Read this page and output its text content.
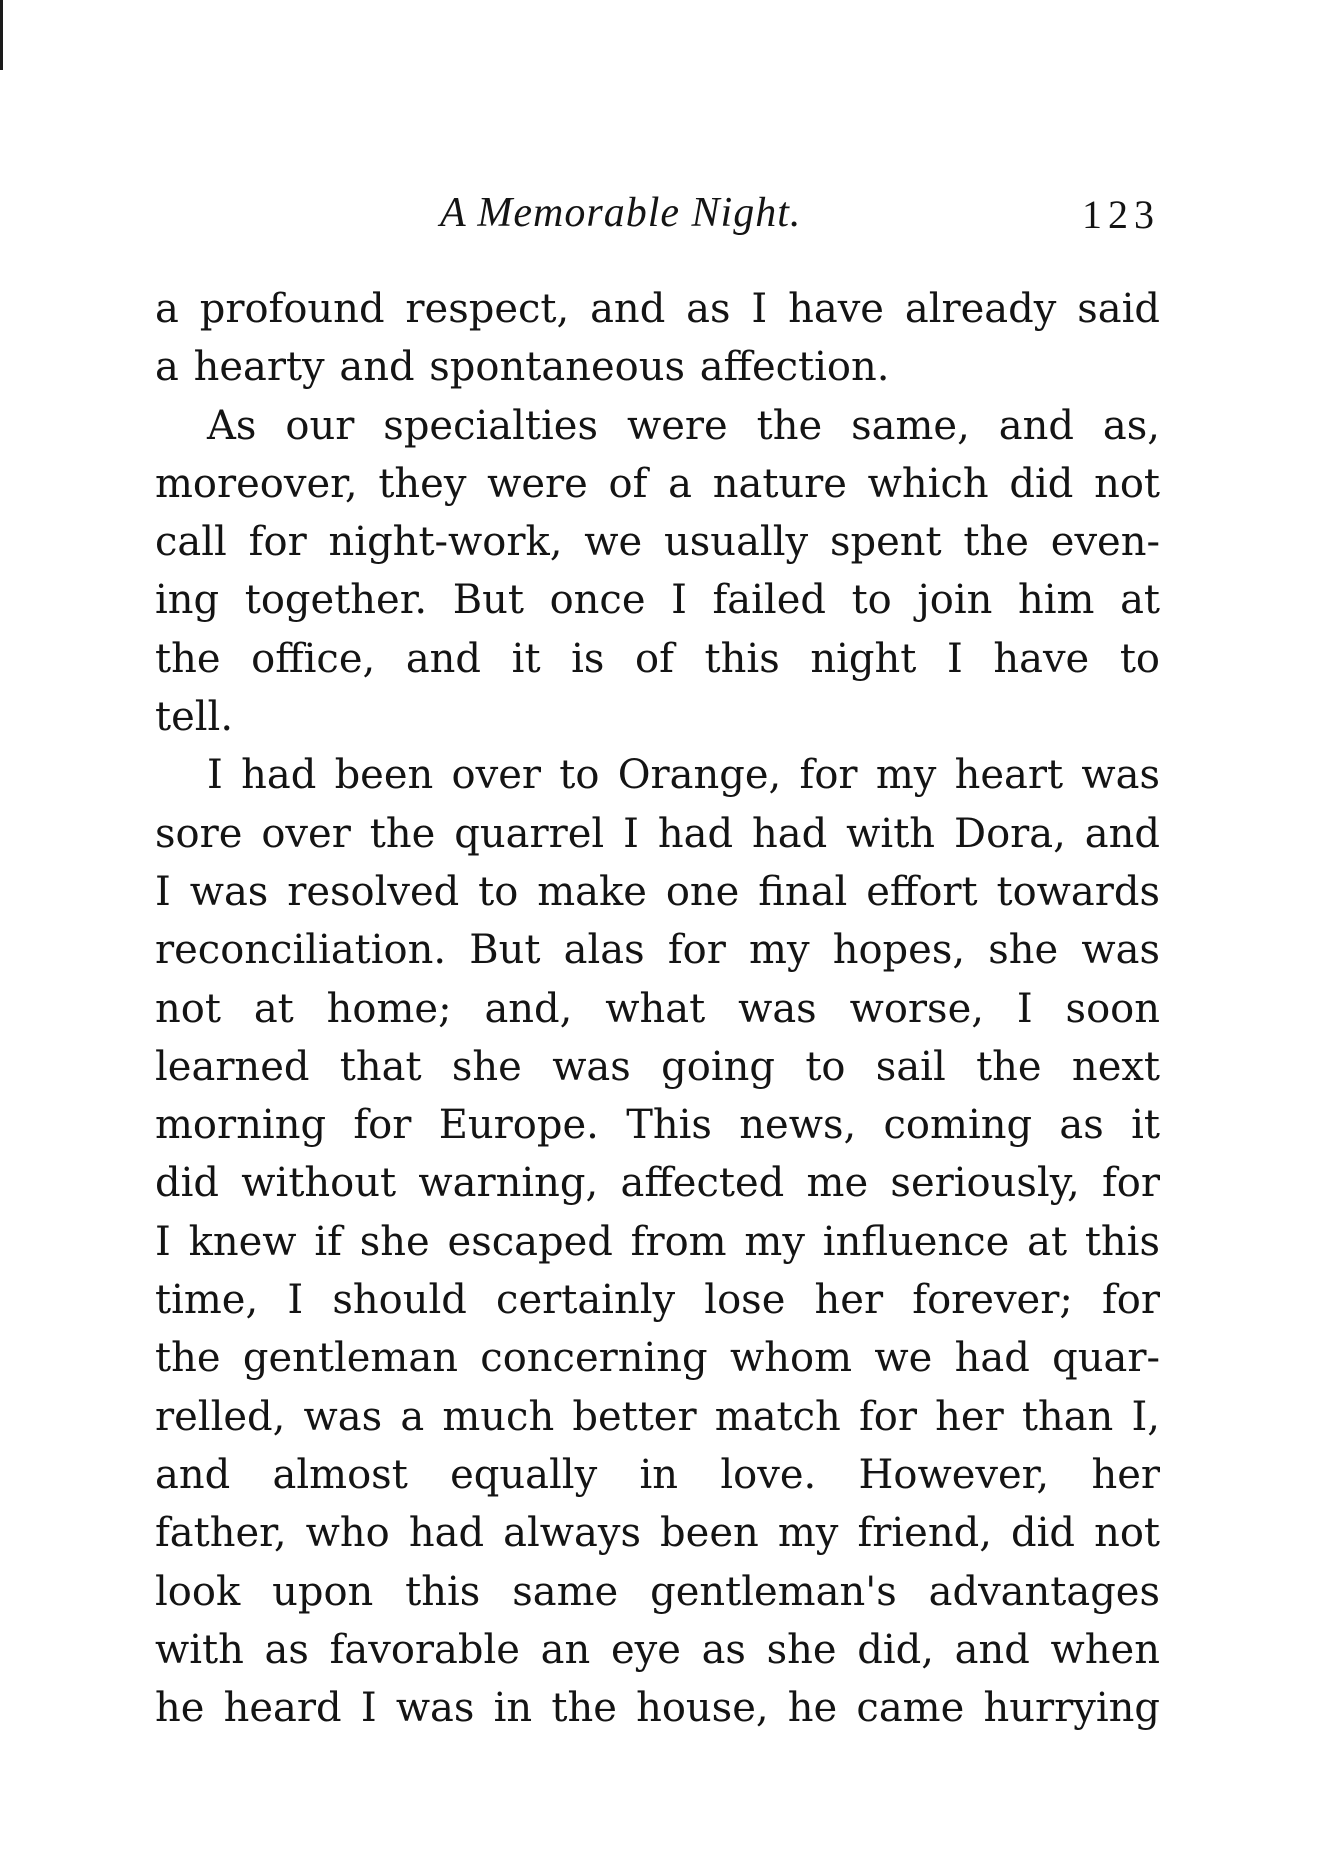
A Memorable Night.	123
a profound respect, and as I have already said
a hearty and spontaneous affection.
As our specialties were the same, and as,
moreover, they were of a nature which did not
call for night-work, we usually spent the even-
ing together. But once I failed to join him at
the office, and it is of this night I have to
tell.
I had been over to Orange, for my heart was
sore over the quarrel I had had with Dora, and
I was resolved to make one final effort towards
reconciliation. But alas for my hopes, she was
not at home; and, what was worse, I soon
learned that she was going to sail the next
morning for Europe. This news, coming as it
did without warning, affected me seriously, for
I knew if she escaped from my influence at this
time, I should certainly lose her forever; for
the gentleman concerning whom we had quar-
relled, was a much better match for her than I,
and almost equally in love. However, her
father, who had always been my friend, did not
look upon this same gentleman's advantages
with as favorable an eye as she did, and when
he heard I was in the house, he came hurrying
